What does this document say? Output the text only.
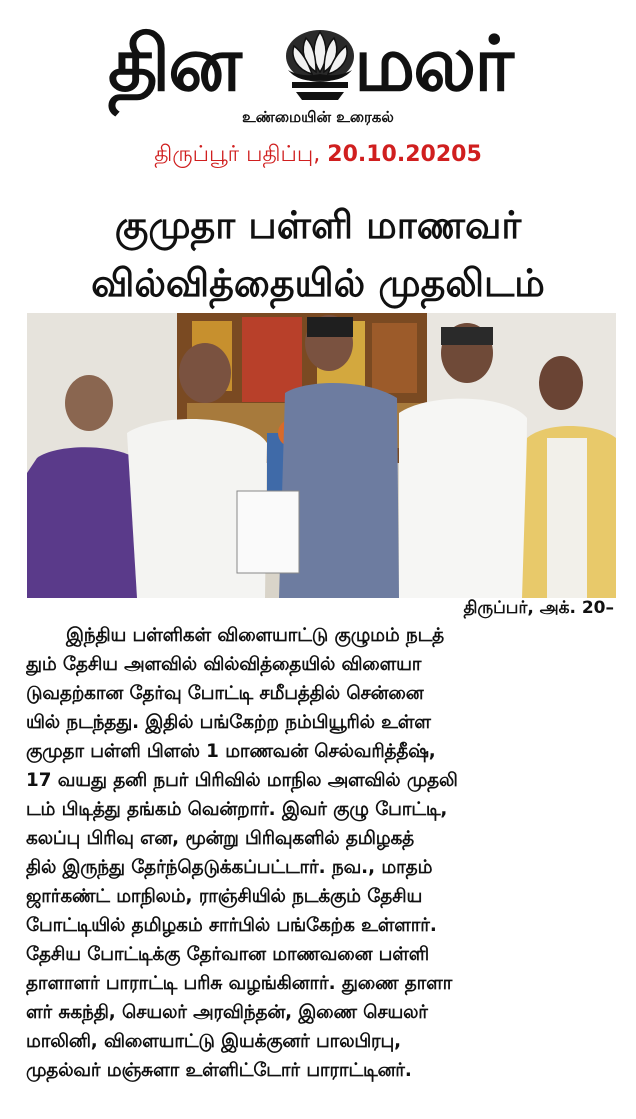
தின மலர்
உண்மையின் உரைகல்
திருப்பூர் பதிப்பு, 20.10.20205
குமுதா பள்ளி மாணவர்
வில்வித்தையில் முதலிடம்
திருப்பர், அக். 20–
இந்திய பள்ளிகள் விளையாட்டு குழுமம் நடத்
தும் தேசிய அளவில் வில்வித்தையில் விளையா
டுவதற்கான தேர்வு போட்டி சமீபத்தில் சென்னை
யில் நடந்தது. இதில் பங்கேற்ற நம்பியூரில் உள்ள
குமுதா பள்ளி பிளஸ் 1 மாணவன் செல்வரித்தீஷ்,
17 வயது தனி நபர் பிரிவில் மாநில அளவில் முதலி
டம் பிடித்து தங்கம் வென்றார். இவர் குழு போட்டி,
கலப்பு பிரிவு என, மூன்று பிரிவுகளில் தமிழகத்
தில் இருந்து தேர்ந்தெடுக்கப்பட்டார். நவ., மாதம்
ஜார்கண்ட் மாநிலம், ராஞ்சியில் நடக்கும் தேசிய
போட்டியில் தமிழகம் சார்பில் பங்கேற்க உள்ளார்.
தேசிய போட்டிக்கு தேர்வான மாணவனை பள்ளி
தாளாளர் பாராட்டி பரிசு வழங்கினார். துணை தாளா
ளர் சுகந்தி, செயலர் அரவிந்தன், இணை செயலர்
மாலினி, விளையாட்டு இயக்குனர் பாலபிரபு,
முதல்வர் மஞ்சுளா உள்ளிட்டோர் பாராட்டினர்.
